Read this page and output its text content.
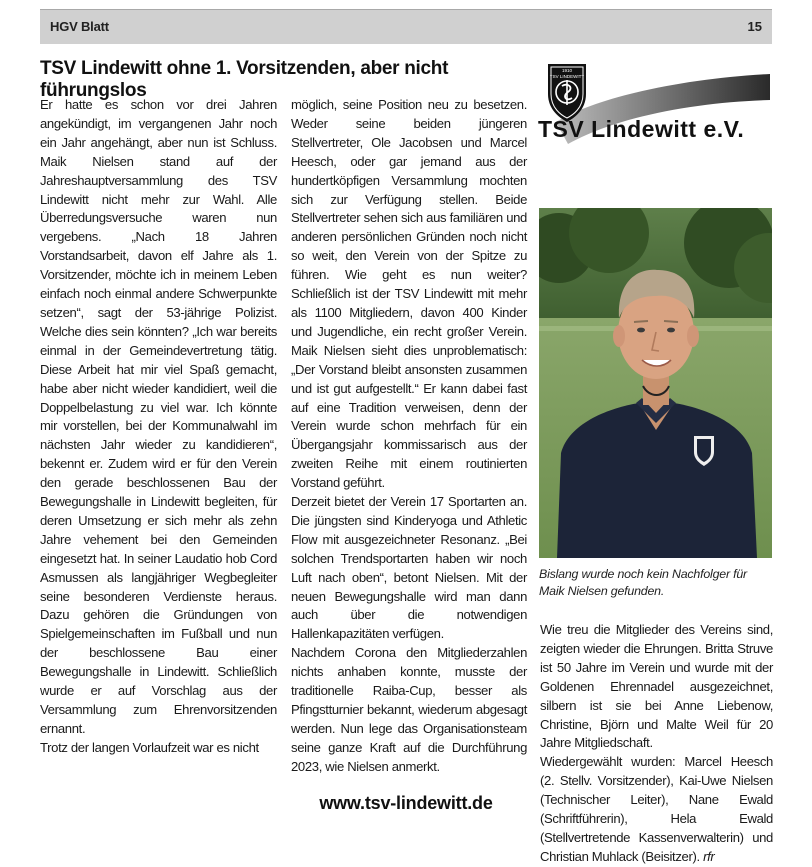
HGV Blatt	15
TSV Lindewitt ohne 1. Vorsitzenden, aber nicht führungslos

Er hatte es schon vor drei Jahren angekündigt, im vergangenen Jahr noch ein Jahr angehängt, aber nun ist Schluss. Maik Nielsen stand auf der Jahreshauptversammlung des TSV Lindewitt nicht mehr zur Wahl. Alle Überredungsversuche waren nun vergebens. „Nach 18 Jahren Vorstandsarbeit, davon elf Jahre als 1. Vorsitzender, möchte ich in meinem Leben einfach noch einmal andere Schwerpunkte setzen“, sagt der 53-jährige Polizist. Welche dies sein könnten? „Ich war bereits einmal in der Gemeindevertretung tätig. Diese Arbeit hat mir viel Spaß gemacht, habe aber nicht wieder kandidiert, weil die Doppelbelastung zu viel war. Ich könnte mir vorstellen, bei der Kommunalwahl im nächsten Jahr wieder zu kandidieren“, bekennt er. Zudem wird er für den Verein den gerade beschlossenen Bau der Bewegungshalle in Lindewitt begleiten, für deren Umsetzung er sich mehr als zehn Jahre vehement bei den Gemeinden eingesetzt hat. In seiner Laudatio hob Cord Asmussen als langjähriger Wegbegleiter seine besonderen Verdienste heraus. Dazu gehören die Gründungen von Spielgemeinschaften im Fußball und nun der beschlossene Bau einer Bewegungshalle in Lindewitt. Schließlich wurde er auf Vorschlag aus der Versammlung zum Ehrenvorsitzenden ernannt.

Trotz der langen Vorlaufzeit war es nicht

möglich, seine Position neu zu besetzen. Weder seine beiden jüngeren Stellvertreter, Ole Jacobsen und Marcel Heesch, oder gar jemand aus der hundertköpfigen Versammlung mochten sich zur Verfügung stellen. Beide Stellvertreter sehen sich aus familiären und anderen persönlichen Gründen noch nicht so weit, den Verein von der Spitze zu führen. Wie geht es nun weiter? Schließlich ist der TSV Lindewitt mit mehr als 1100 Mitgliedern, davon 400 Kinder und Jugendliche, ein recht großer Verein. Maik Nielsen sieht dies unproblematisch: „Der Vorstand bleibt ansonsten zusammen und ist gut aufgestellt.“ Er kann dabei fast auf eine Tradition verweisen, denn der Verein wurde schon mehrfach für ein Übergangsjahr kommissarisch aus der zweiten Reihe mit einem routinierten Vorstand geführt.

Derzeit bietet der Verein 17 Sportarten an. Die jüngsten sind Kinderyoga und Athletic Flow mit ausgezeichneter Resonanz. „Bei solchen Trendsportarten haben wir noch Luft nach oben“, betont Nielsen. Mit der neuen Bewegungshalle wird man dann auch über die notwendigen Hallenkapazitäten verfügen.

Nachdem Corona den Mitgliederzahlen nichts anhaben konnte, musste der traditionelle Raiba-Cup, besser als Pfingstturnier bekannt, wiederum abgesagt werden. Nun lege das Organisationsteam seine ganze Kraft auf die Durchführung 2023, wie Nielsen anmerkt.

Wie treu die Mitglieder des Vereins sind, zeigten wieder die Ehrungen. Britta Struve ist 50 Jahre im Verein und wurde mit der Goldenen Ehrennadel ausgezeichnet, silbern ist sie bei Anne Liebenow, Christine, Björn und Malte Weil für 20 Jahre Mitgliedschaft.

Wiedergewählt wurden: Marcel Heesch (2. Stellv. Vorsitzender), Kai-Uwe Nielsen (Technischer Leiter), Nane Ewald (Schriftführerin), Hela Ewald (Stellvertretende Kassenverwalterin) und Christian Muhlack (Beisitzer). rfr

1910
TSV LINDEWITT
TSV Lindewitt e.V.
Bislang wurde noch kein Nachfolger für Maik Nielsen gefunden.
www.tsv-lindewitt.de
